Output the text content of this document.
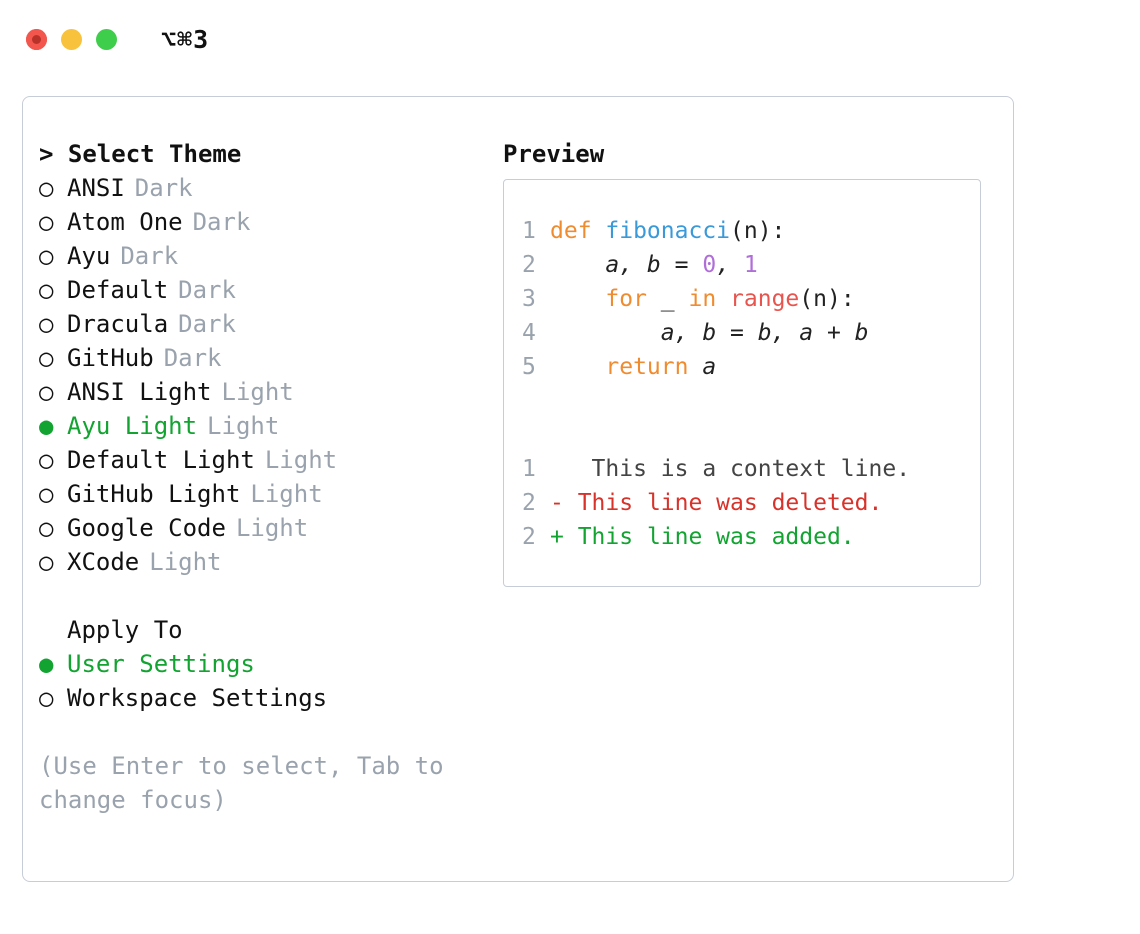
⌥⌘3
> Select Theme
○ ANSI Dark
○ Atom One Dark
○ Ayu Dark
○ Default Dark
○ Dracula Dark
○ GitHub Dark
○ ANSI Light Light
● Ayu Light Light
○ Default Light Light
○ GitHub Light Light
○ Google Code Light
○ XCode Light
Apply To
● User Settings
○ Workspace Settings
(Use Enter to select, Tab to change focus)
Preview
1 def fibonacci (n):
2 a, b = 0 , 1
3
	for _ in
range (n):
4 a, b = b, a + b
5
	return a
1
	This is a context line.
2 - This line was deleted.
2 + This line was added.
